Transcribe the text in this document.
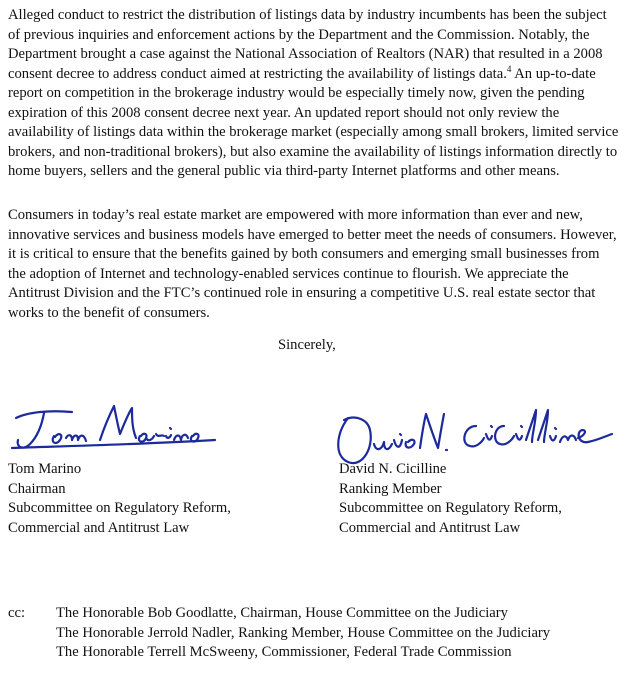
Alleged conduct to restrict the distribution of listings data by industry incumbents has been the subject of previous inquiries and enforcement actions by the Department and the Commission. Notably, the Department brought a case against the National Association of Realtors (NAR) that resulted in a 2008 consent decree to address conduct aimed at restricting the availability of listings data.$^4$ An up-to-date report on competition in the brokerage industry would be especially timely now, given the pending expiration of this 2008 consent decree next year. An updated report should not only review the availability of listings data within the brokerage market (especially among small brokers, limited service brokers, and non-traditional brokers), but also examine the availability of listings information directly to home buyers, sellers and the general public via third-party Internet platforms and other means.

Consumers in today’s real estate market are empowered with more information than ever and new, innovative services and business models have emerged to better meet the needs of consumers. However, it is critical to ensure that the benefits gained by both consumers and emerging small businesses from the adoption of Internet and technology-enabled services continue to flourish. We appreciate the Antitrust Division and the FTC’s continued role in ensuring a competitive U.S. real estate sector that works to the benefit of consumers.

Sincerely,
Tom Marino
Chairman
Subcommittee on Regulatory Reform,
Commercial and Antitrust Law
David N. Cicilline
Ranking Member
Subcommittee on Regulatory Reform,
Commercial and Antitrust Law
cc: The Honorable Bob Goodlatte, Chairman, House Committee on the Judiciary
The Honorable Jerrold Nadler, Ranking Member, House Committee on the Judiciary
The Honorable Terrell McSweeny, Commissioner, Federal Trade Commission
